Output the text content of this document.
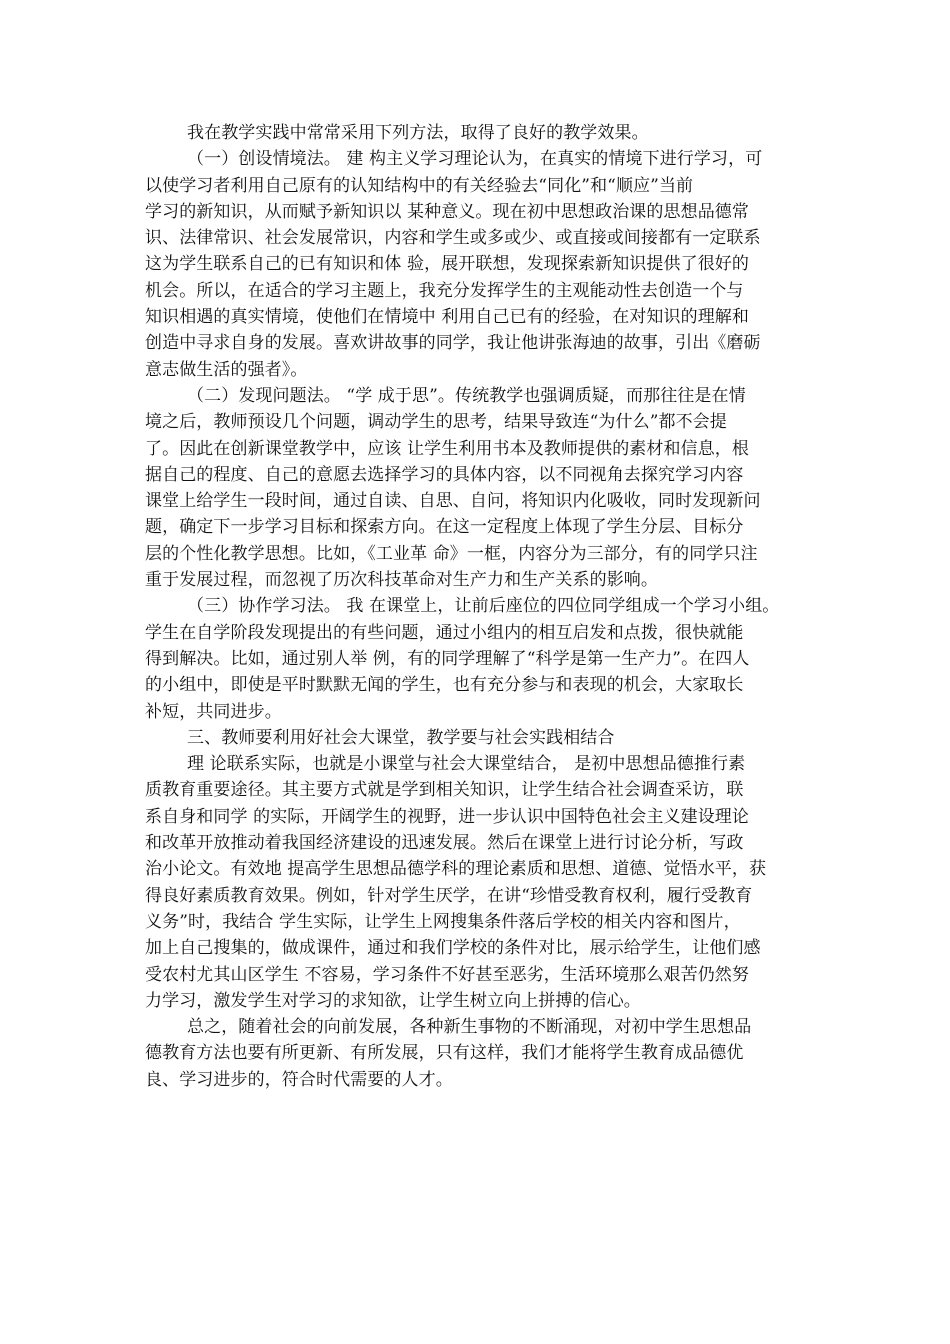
我在教学实践中常常采用下列方法，取得了良好的教学效果。
（一）创设情境法。 建 构主义学习理论认为，在真实的情境下进行学习，可
以使学习者利用自己原有的认知结构中的有关经验去“同化”和“顺应”当前
学习的新知识，从而赋予新知识以 某种意义。现在初中思想政治课的思想品德常
识、法律常识、社会发展常识，内容和学生或多或少、或直接或间接都有一定联系
这为学生联系自己的已有知识和体 验，展开联想，发现探索新知识提供了很好的
机会。所以，在适合的学习主题上，我充分发挥学生的主观能动性去创造一个与
知识相遇的真实情境，使他们在情境中 利用自己已有的经验，在对知识的理解和
创造中寻求自身的发展。喜欢讲故事的同学，我让他讲张海迪的故事，引出《磨砺
意志做生活的强者》。
（二）发现问题法。 “学 成于思”。传统教学也强调质疑，而那往往是在情
境之后，教师预设几个问题，调动学生的思考，结果导致连“为什么”都不会提
了。因此在创新课堂教学中，应该 让学生利用书本及教师提供的素材和信息，根
据自己的程度、自己的意愿去选择学习的具体内容，以不同视角去探究学习内容
课堂上给学生一段时间，通过自读、自思、自问，将知识内化吸收，同时发现新问
题，确定下一步学习目标和探索方向。在这一定程度上体现了学生分层、目标分
层的个性化教学思想。比如，《工业革 命》一框，内容分为三部分，有的同学只注
重于发展过程，而忽视了历次科技革命对生产力和生产关系的影响。
（三）协作学习法。 我 在课堂上，让前后座位的四位同学组成一个学习小组。
学生在自学阶段发现提出的有些问题，通过小组内的相互启发和点拨，很快就能
得到解决。比如，通过别人举 例，有的同学理解了“科学是第一生产力”。在四人
的小组中，即使是平时默默无闻的学生，也有充分参与和表现的机会，大家取长
补短，共同进步。
三、教师要利用好社会大课堂，教学要与社会实践相结合
理 论联系实际，也就是小课堂与社会大课堂结合， 是初中思想品德推行素
质教育重要途径。其主要方式就是学到相关知识，让学生结合社会调查采访，联
系自身和同学 的实际，开阔学生的视野，进一步认识中国特色社会主义建设理论
和改革开放推动着我国经济建设的迅速发展。然后在课堂上进行讨论分析，写政
治小论文。有效地 提高学生思想品德学科的理论素质和思想、道德、觉悟水平，获
得良好素质教育效果。例如，针对学生厌学，在讲“珍惜受教育权利，履行受教育
义务”时，我结合 学生实际，让学生上网搜集条件落后学校的相关内容和图片，
加上自己搜集的，做成课件，通过和我们学校的条件对比，展示给学生，让他们感
受农村尤其山区学生 不容易，学习条件不好甚至恶劣，生活环境那么艰苦仍然努
力学习，激发学生对学习的求知欲，让学生树立向上拼搏的信心。
总之，随着社会的向前发展，各种新生事物的不断涌现，对初中学生思想品
德教育方法也要有所更新、有所发展，只有这样，我们才能将学生教育成品德优
良、学习进步的，符合时代需要的人才。
